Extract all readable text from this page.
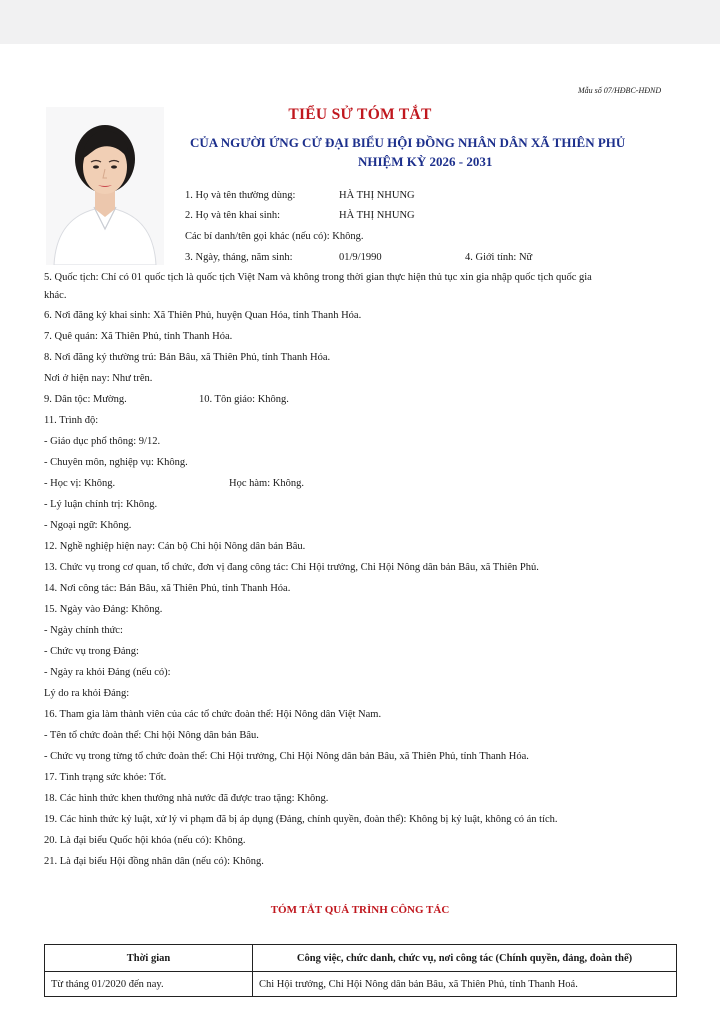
Mẫu số 07/HĐBC-HĐND
TIỂU SỬ TÓM TẮT
CỦA NGƯỜI ỨNG CỬ ĐẠI BIỂU HỘI ĐỒNG NHÂN DÂN XÃ THIÊN PHỦ
NHIỆM KỲ 2026 - 2031
1. Họ và tên thường dùng:	HÀ THỊ NHUNG
2. Họ và tên khai sinh:	HÀ THỊ NHUNG
Các bí danh/tên gọi khác (nếu có): Không.
3. Ngày, tháng, năm sinh:	01/9/1990	4. Giới tính: Nữ
5. Quốc tịch: Chỉ có 01 quốc tịch là quốc tịch Việt Nam và không trong thời gian thực hiện thủ tục xin gia nhập quốc tịch quốc gia
khác.
6. Nơi đăng ký khai sinh: Xã Thiên Phủ, huyện Quan Hóa, tỉnh Thanh Hóa.
7. Quê quán: Xã Thiên Phủ, tỉnh Thanh Hóa.
8. Nơi đăng ký thường trú: Bản Bâu, xã Thiên Phủ, tỉnh Thanh Hóa.
Nơi ở hiện nay: Như trên.
9. Dân tộc: Mường.	10. Tôn giáo: Không.
11. Trình độ:
- Giáo dục phổ thông: 9/12.
- Chuyên môn, nghiệp vụ: Không.
- Học vị: Không.	Học hàm: Không.
- Lý luận chính trị: Không.
- Ngoại ngữ: Không.
12. Nghề nghiệp hiện nay: Cán bộ Chi hội Nông dân bản Bâu.
13. Chức vụ trong cơ quan, tổ chức, đơn vị đang công tác: Chi Hội trưởng, Chi Hội Nông dân bản Bâu, xã Thiên Phủ.
14. Nơi công tác: Bản Bâu, xã Thiên Phủ, tỉnh Thanh Hóa.
15. Ngày vào Đảng: Không.
- Ngày chính thức:
- Chức vụ trong Đảng:
- Ngày ra khỏi Đảng (nếu có):
Lý do ra khỏi Đảng:
16. Tham gia làm thành viên của các tổ chức đoàn thể: Hội Nông dân Việt Nam.
- Tên tổ chức đoàn thể: Chi hội Nông dân bản Bâu.
- Chức vụ trong từng tổ chức đoàn thể: Chi Hội trưởng, Chi Hội Nông dân bản Bâu, xã Thiên Phủ, tỉnh Thanh Hóa.
17. Tình trạng sức khỏe: Tốt.
18. Các hình thức khen thưởng nhà nước đã được trao tặng: Không.
19. Các hình thức kỷ luật, xử lý vi phạm đã bị áp dụng (Đảng, chính quyền, đoàn thể): Không bị kỷ luật, không có án tích.
20. Là đại biểu Quốc hội khóa (nếu có): Không.
21. Là đại biểu Hội đồng nhân dân (nếu có): Không.
TÓM TẮT QUÁ TRÌNH CÔNG TÁC
Thời gian	Công việc, chức danh, chức vụ, nơi công tác (Chính quyền, đảng, đoàn thể)
Từ tháng 01/2020 đến nay.	Chi Hội trưởng, Chi Hội Nông dân bản Bâu, xã Thiên Phủ, tỉnh Thanh Hoá.
